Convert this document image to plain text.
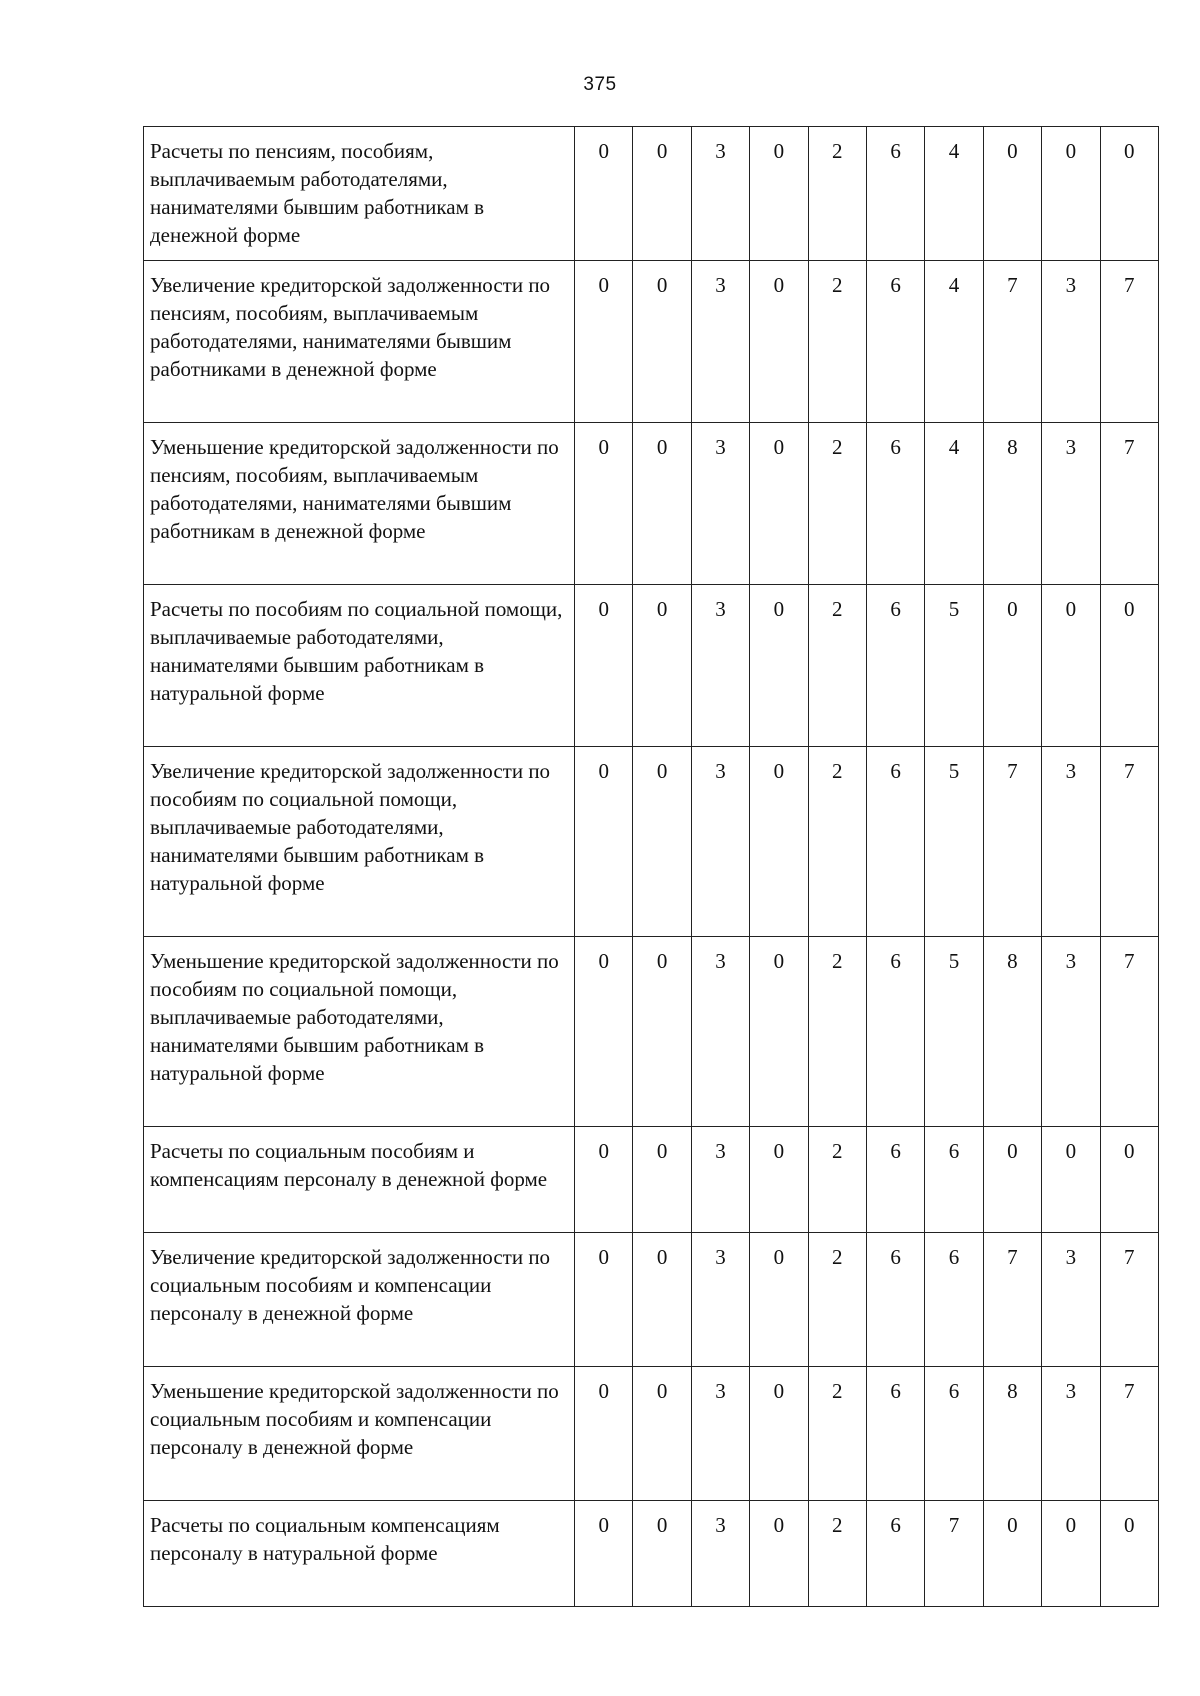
375
Расчеты по пенсиям, пособиям, выплачиваемым работодателями, нанимателями бывшим работникам в денежной форме	0	0	3	0	2	6	4	0	0	0
Увеличение кредиторской задолженности по пенсиям, пособиям, выплачиваемым работодателями, нанимателями бывшим работниками в денежной форме	0	0	3	0	2	6	4	7	3	7
Уменьшение кредиторской задолженности по пенсиям, пособиям, выплачиваемым работодателями, нанимателями бывшим работникам в денежной форме	0	0	3	0	2	6	4	8	3	7
Расчеты по пособиям по социальной помощи, выплачиваемые работодателями, нанимателями бывшим работникам в натуральной форме	0	0	3	0	2	6	5	0	0	0
Увеличение кредиторской задолженности по пособиям по социальной помощи, выплачиваемые работодателями, нанимателями бывшим работникам в натуральной форме	0	0	3	0	2	6	5	7	3	7
Уменьшение кредиторской задолженности по пособиям по социальной помощи, выплачиваемые работодателями, нанимателями бывшим работникам в натуральной форме	0	0	3	0	2	6	5	8	3	7
Расчеты по социальным пособиям и компенсациям персоналу в денежной форме	0	0	3	0	2	6	6	0	0	0
Увеличение кредиторской задолженности по социальным пособиям и компенсации персоналу в денежной форме	0	0	3	0	2	6	6	7	3	7
Уменьшение кредиторской задолженности по социальным пособиям и компенсации персоналу в денежной форме	0	0	3	0	2	6	6	8	3	7
Расчеты по социальным компенсациям персоналу в натуральной форме	0	0	3	0	2	6	7	0	0	0
